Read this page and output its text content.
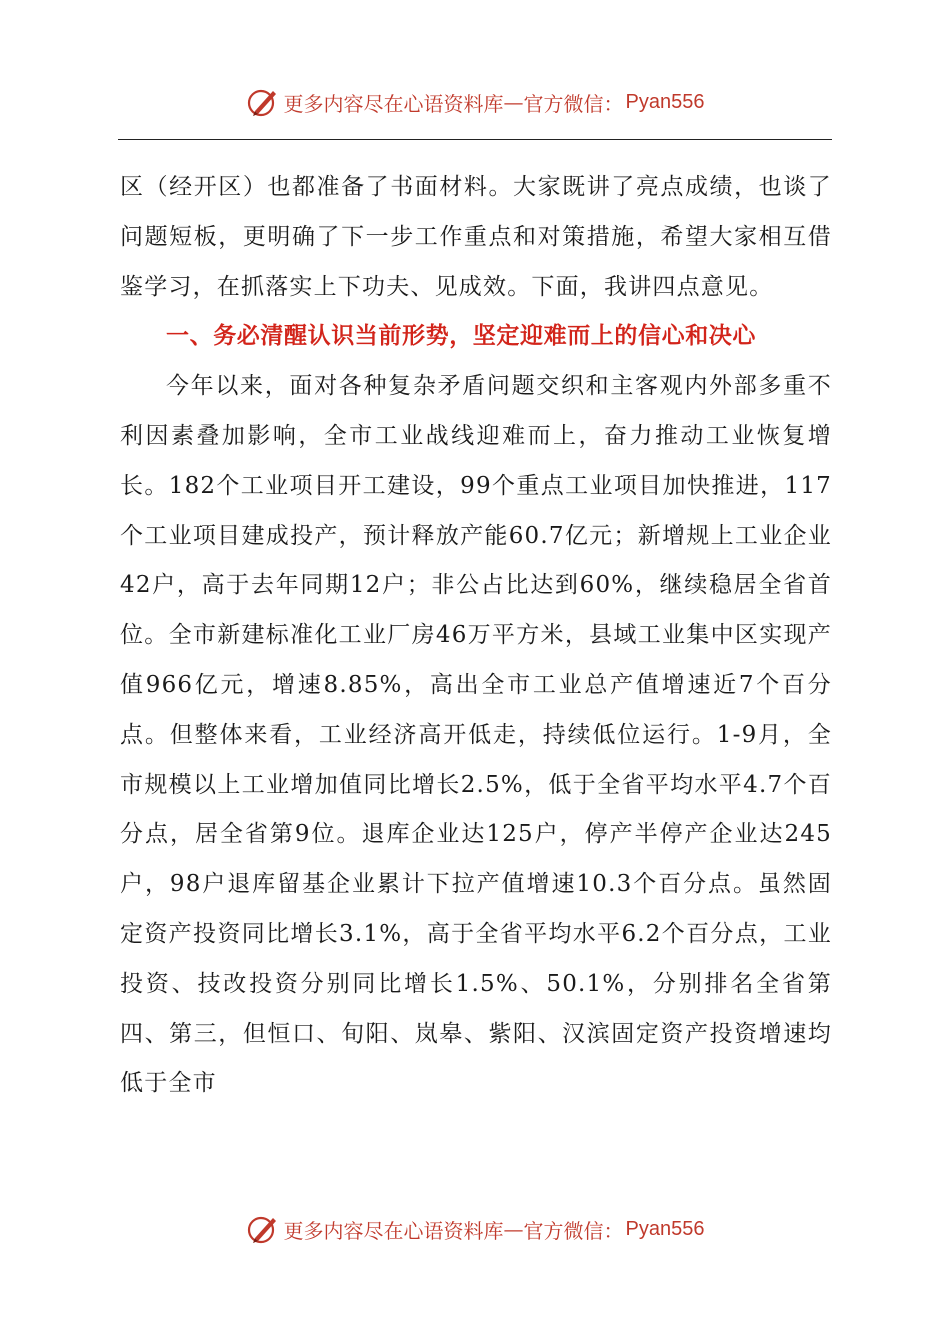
更多内容尽在心语资料库 — 官方微信： Pyan556

区（经开区）也都准备了书面材料。大家既讲了亮点成绩，也谈了问题短板，更明确了下一步工作重点和对策措施，希望大家相互借鉴学习，在抓落实上下功夫、见成效。下面，我讲四点意见。

一、务必清醒认识当前形势，坚定迎难而上的信心和决心

今年以来，面对各种复杂矛盾问题交织和主客观内外部多重不利因素叠加影响，全市工业战线迎难而上，奋力推动工业恢复增长。182个工业项目开工建设，99个重点工业项目加快推进，117个工业项目建成投产，预计释放产能60.7亿元；新增规上工业企业42户，高于去年同期12户；非公占比达到60%，继续稳居全省首位。全市新建标准化工业厂房46万平方米，县域工业集中区实现产值966亿元，增速8.85%，高出全市工业总产值增速近7个百分点。但整体来看，工业经济高开低走，持续低位运行。1-9月，全市规模以上工业增加值同比增长2.5%，低于全省平均水平4.7个百分点，居全省第9位。退库企业达125户，停产半停产企业达245户，98户退库留基企业累计下拉产值增速10.3个百分点。虽然固定资产投资同比增长3.1%，高于全省平均水平6.2个百分点，工业投资、技改投资分别同比增长1.5%、50.1%，分别排名全省第四、第三，但恒口、旬阳、岚皋、紫阳、汉滨固定资产投资增速均低于全市

更多内容尽在心语资料库 — 官方微信： Pyan556
